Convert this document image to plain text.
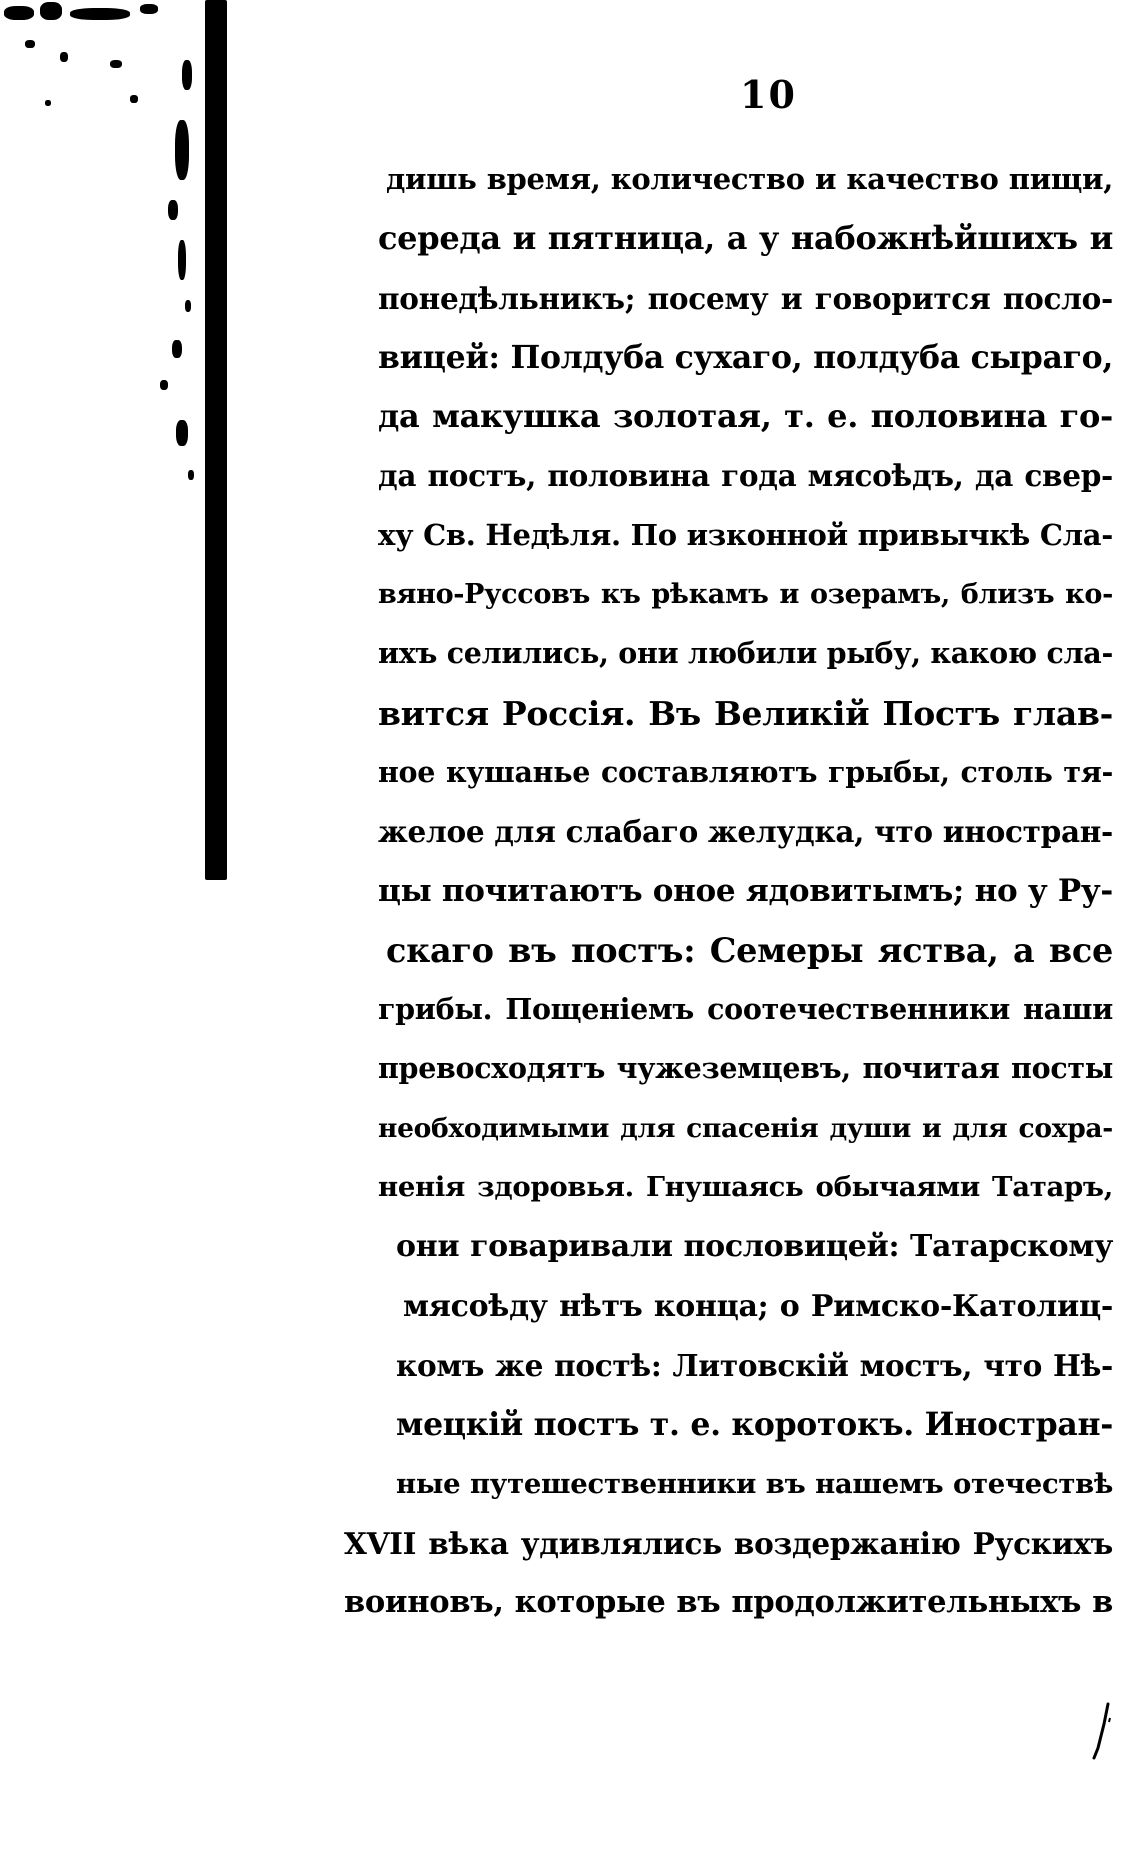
10
дишь время, количество и качество пищи,
середа и пятница, а у набожнѣйшихъ и
понедѣльникъ; посему и говорится посло-
вицей: Полдуба сухаго, полдуба сыраго,
да макушка золотая, т. е. половина го-
да постъ, половина года мясоѣдъ, да свер-
ху Св. Недѣля. По изконной привычкѣ Сла-
вяно-Руссовъ къ рѣкамъ и озерамъ, близъ ко-
ихъ селились, они любили рыбу, какою сла-
вится Россія. Въ Великій Постъ глав-
ное кушанье составляютъ грыбы, столь тя-
желое для слабаго желудка, что иностран-
цы почитаютъ оное ядовитымъ; но у Ру-
скаго въ постъ: Семеры яства, а все
грибы. Пощеніемъ соотечественники наши
превосходятъ чужеземцевъ, почитая посты
необходимыми для спасенія души и для сохра-
ненія здоровья. Гнушаясь обычаями Татаръ,
они говаривали пословицей: Татарскому
мясоѣду нѣтъ конца; о Римско-Католиц-
комъ же постѣ: Литовскій мостъ, что Нѣ-
мецкій постъ т. е. коротокъ. Иностран-
ные путешественники въ нашемъ отечествѣ
XVII вѣка удивлялись воздержанію Рускихъ
воиновъ, которые въ продолжительныхъ в
